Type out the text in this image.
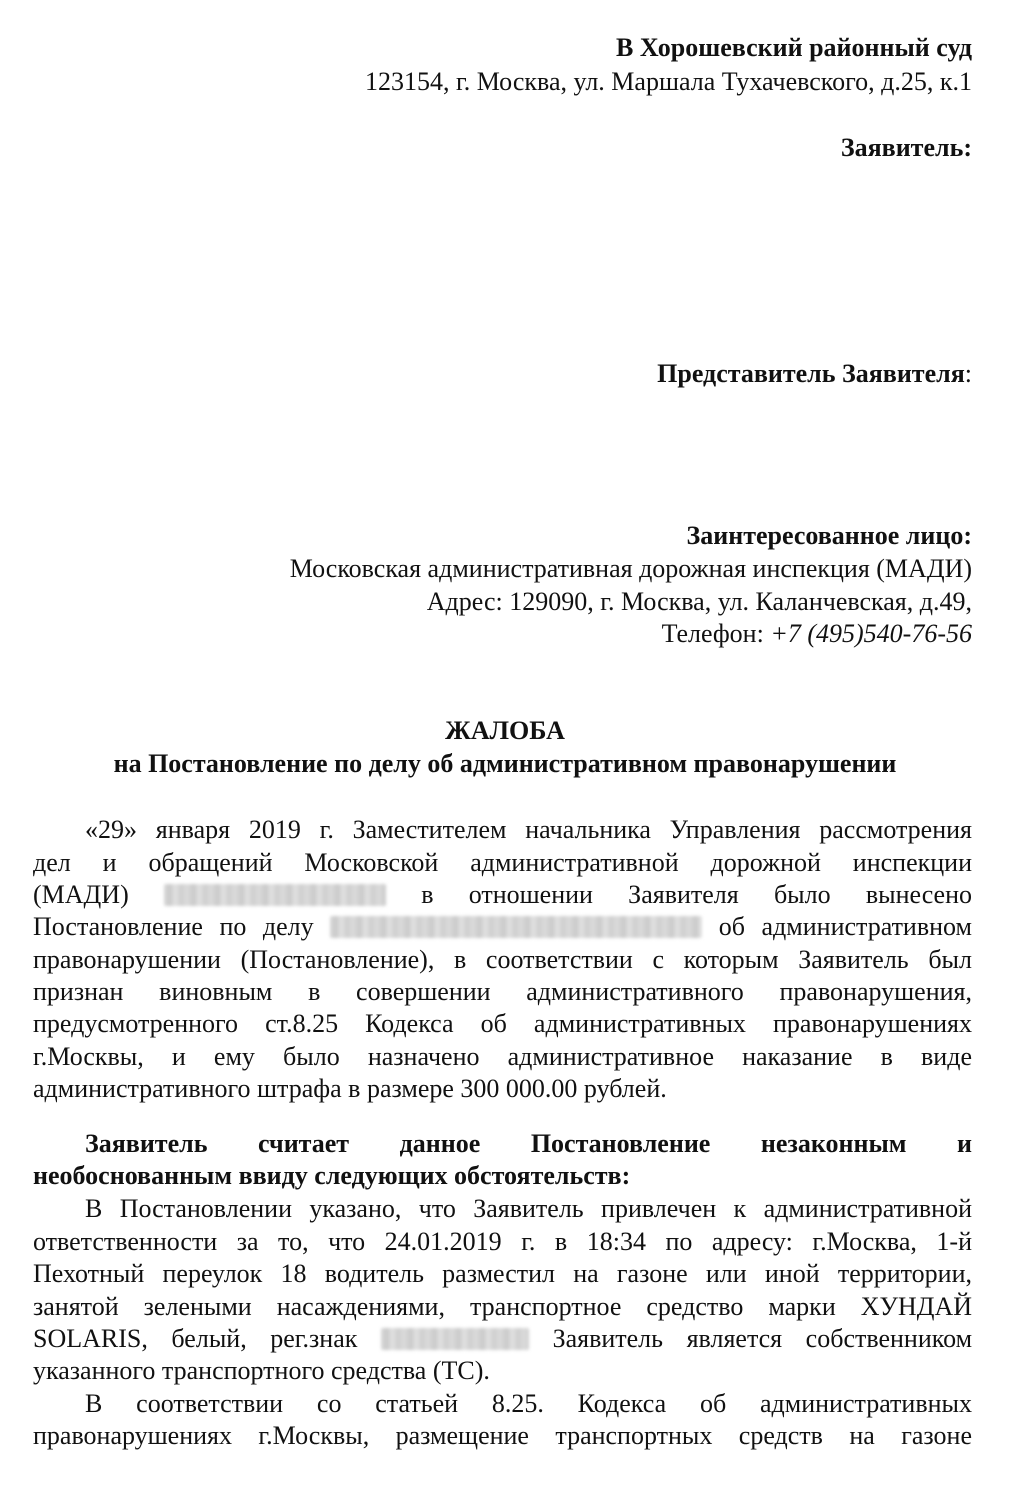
В Хорошевский районный суд
123154, г. Москва, ул. Маршала Тухачевского, д.25, к.1
Заявитель:
Представитель Заявителя:
Заинтересованное лицо:
Московская административная дорожная инспекция (МАДИ)
Адрес: 129090, г. Москва, ул. Каланчевская, д.49,
Телефон: +7 (495)540-76-56
ЖАЛОБА
на Постановление по делу об административном правонарушении
«29» января 2019 г. Заместителем начальника Управления рассмотрения
дел и обращений Московской административной дорожной инспекции
(МАДИ)	в отношении Заявителя было вынесено
Постановление по делу	об административном
правонарушении (Постановление), в соответствии с которым Заявитель был
признан виновным в совершении административного правонарушения,
предусмотренного ст.8.25 Кодекса об административных правонарушениях
г.Москвы, и ему было назначено административное наказание в виде
административного штрафа в размере 300 000.00 рублей.
Заявитель считает данное Постановление незаконным и
необоснованным ввиду следующих обстоятельств:
В Постановлении указано, что Заявитель привлечен к административной
ответственности за то, что 24.01.2019 г. в 18:34 по адресу: г.Москва, 1-й
Пехотный переулок 18 водитель разместил на газоне или иной территории,
занятой зелеными насаждениями, транспортное средство марки ХУНДАЙ
SOLARIS, белый, рег.знак	Заявитель является собственником
указанного транспортного средства (ТС).
В соответствии со статьей 8.25. Кодекса об административных
правонарушениях г.Москвы, размещение транспортных средств на газоне
